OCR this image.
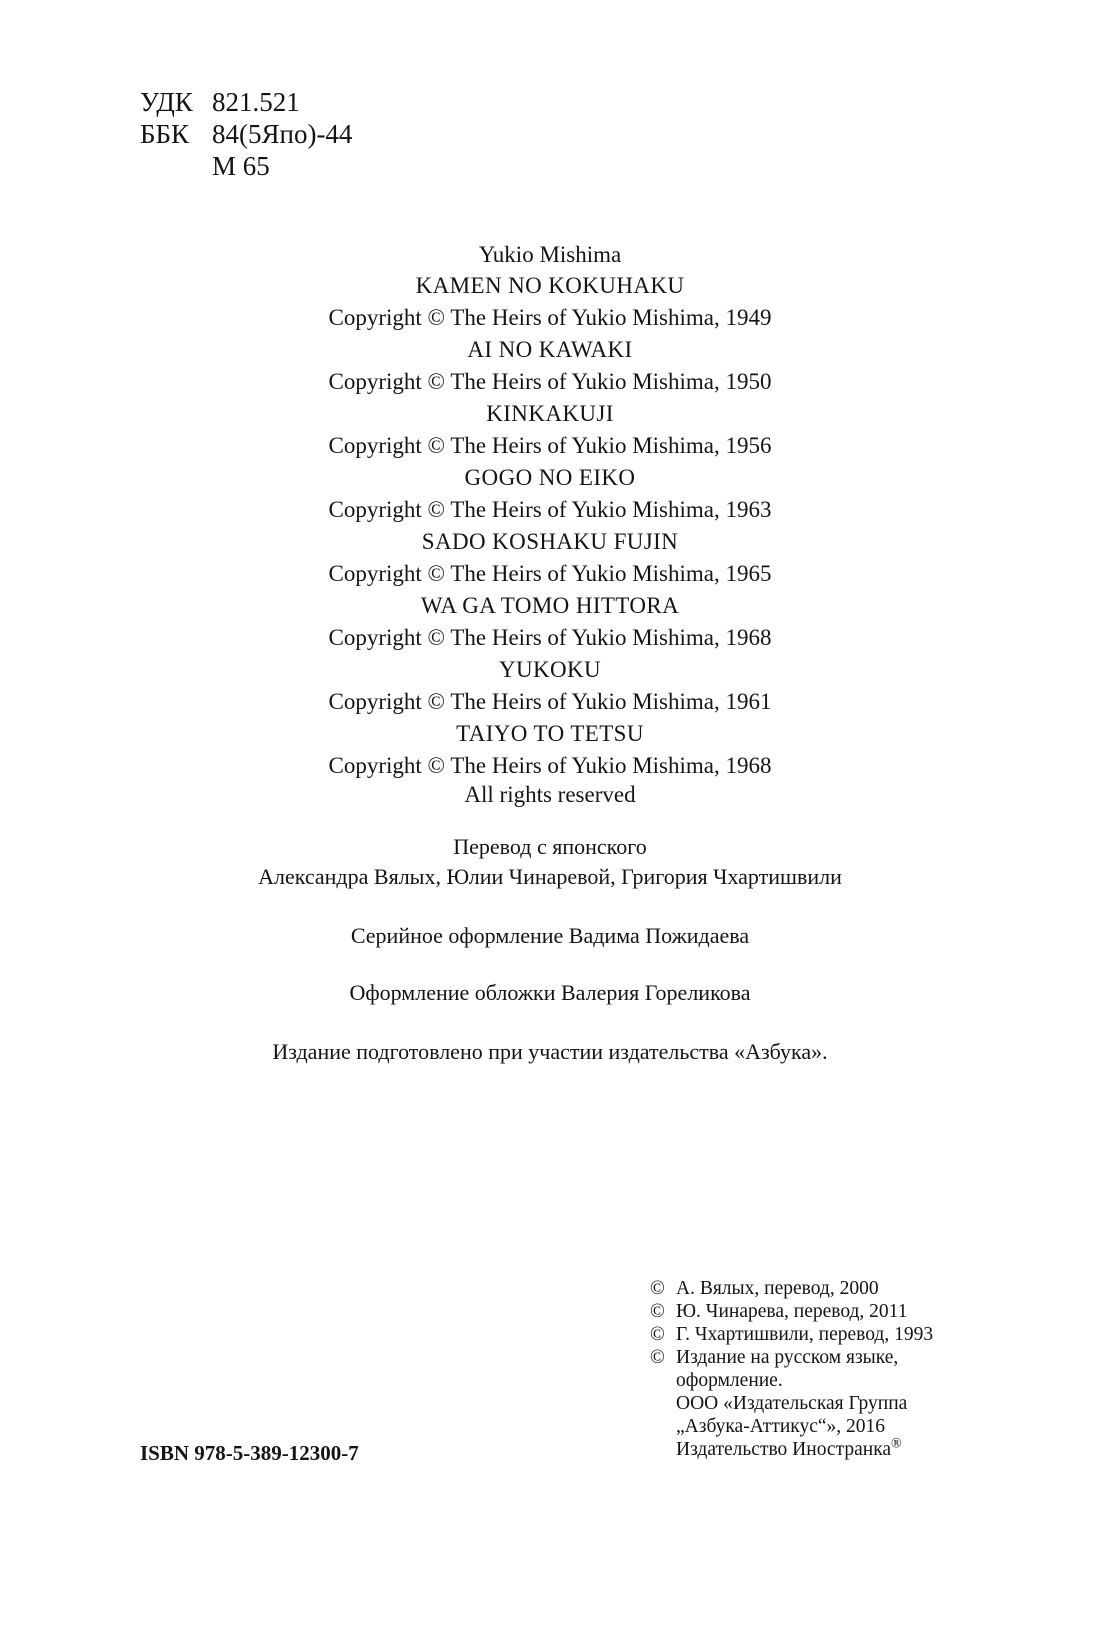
УДК 821.521
ББК 84(5Япо)-44
М 65
Yukio Mishima
KAMEN NO KOKUHAKU
Copyright © The Heirs of Yukio Mishima, 1949
AI NO KAWAKI
Copyright © The Heirs of Yukio Mishima, 1950
KINKAKUJI
Copyright © The Heirs of Yukio Mishima, 1956
GOGO NO EIKO
Copyright © The Heirs of Yukio Mishima, 1963
SADO KOSHAKU FUJIN
Copyright © The Heirs of Yukio Mishima, 1965
WA GA TOMO HITTORA
Copyright © The Heirs of Yukio Mishima, 1968
YUKOKU
Copyright © The Heirs of Yukio Mishima, 1961
TAIYO TO TETSU
Copyright © The Heirs of Yukio Mishima, 1968
All rights reserved
Перевод с японского
Александра Вялых, Юлии Чинаревой, Григория Чхартишвили
Серийное оформление Вадима Пожидаева
Оформление обложки Валерия Гореликова
Издание подготовлено при участии издательства «Азбука».
© А. Вялых, перевод, 2000
© Ю. Чинарева, перевод, 2011
© Г. Чхартишвили, перевод, 1993
© Издание на русском языке,
оформление.
ООО «Издательская Группа
„Азбука-Аттикус“», 2016
Издательство Иностранка®
ISBN 978-5-389-12300-7
